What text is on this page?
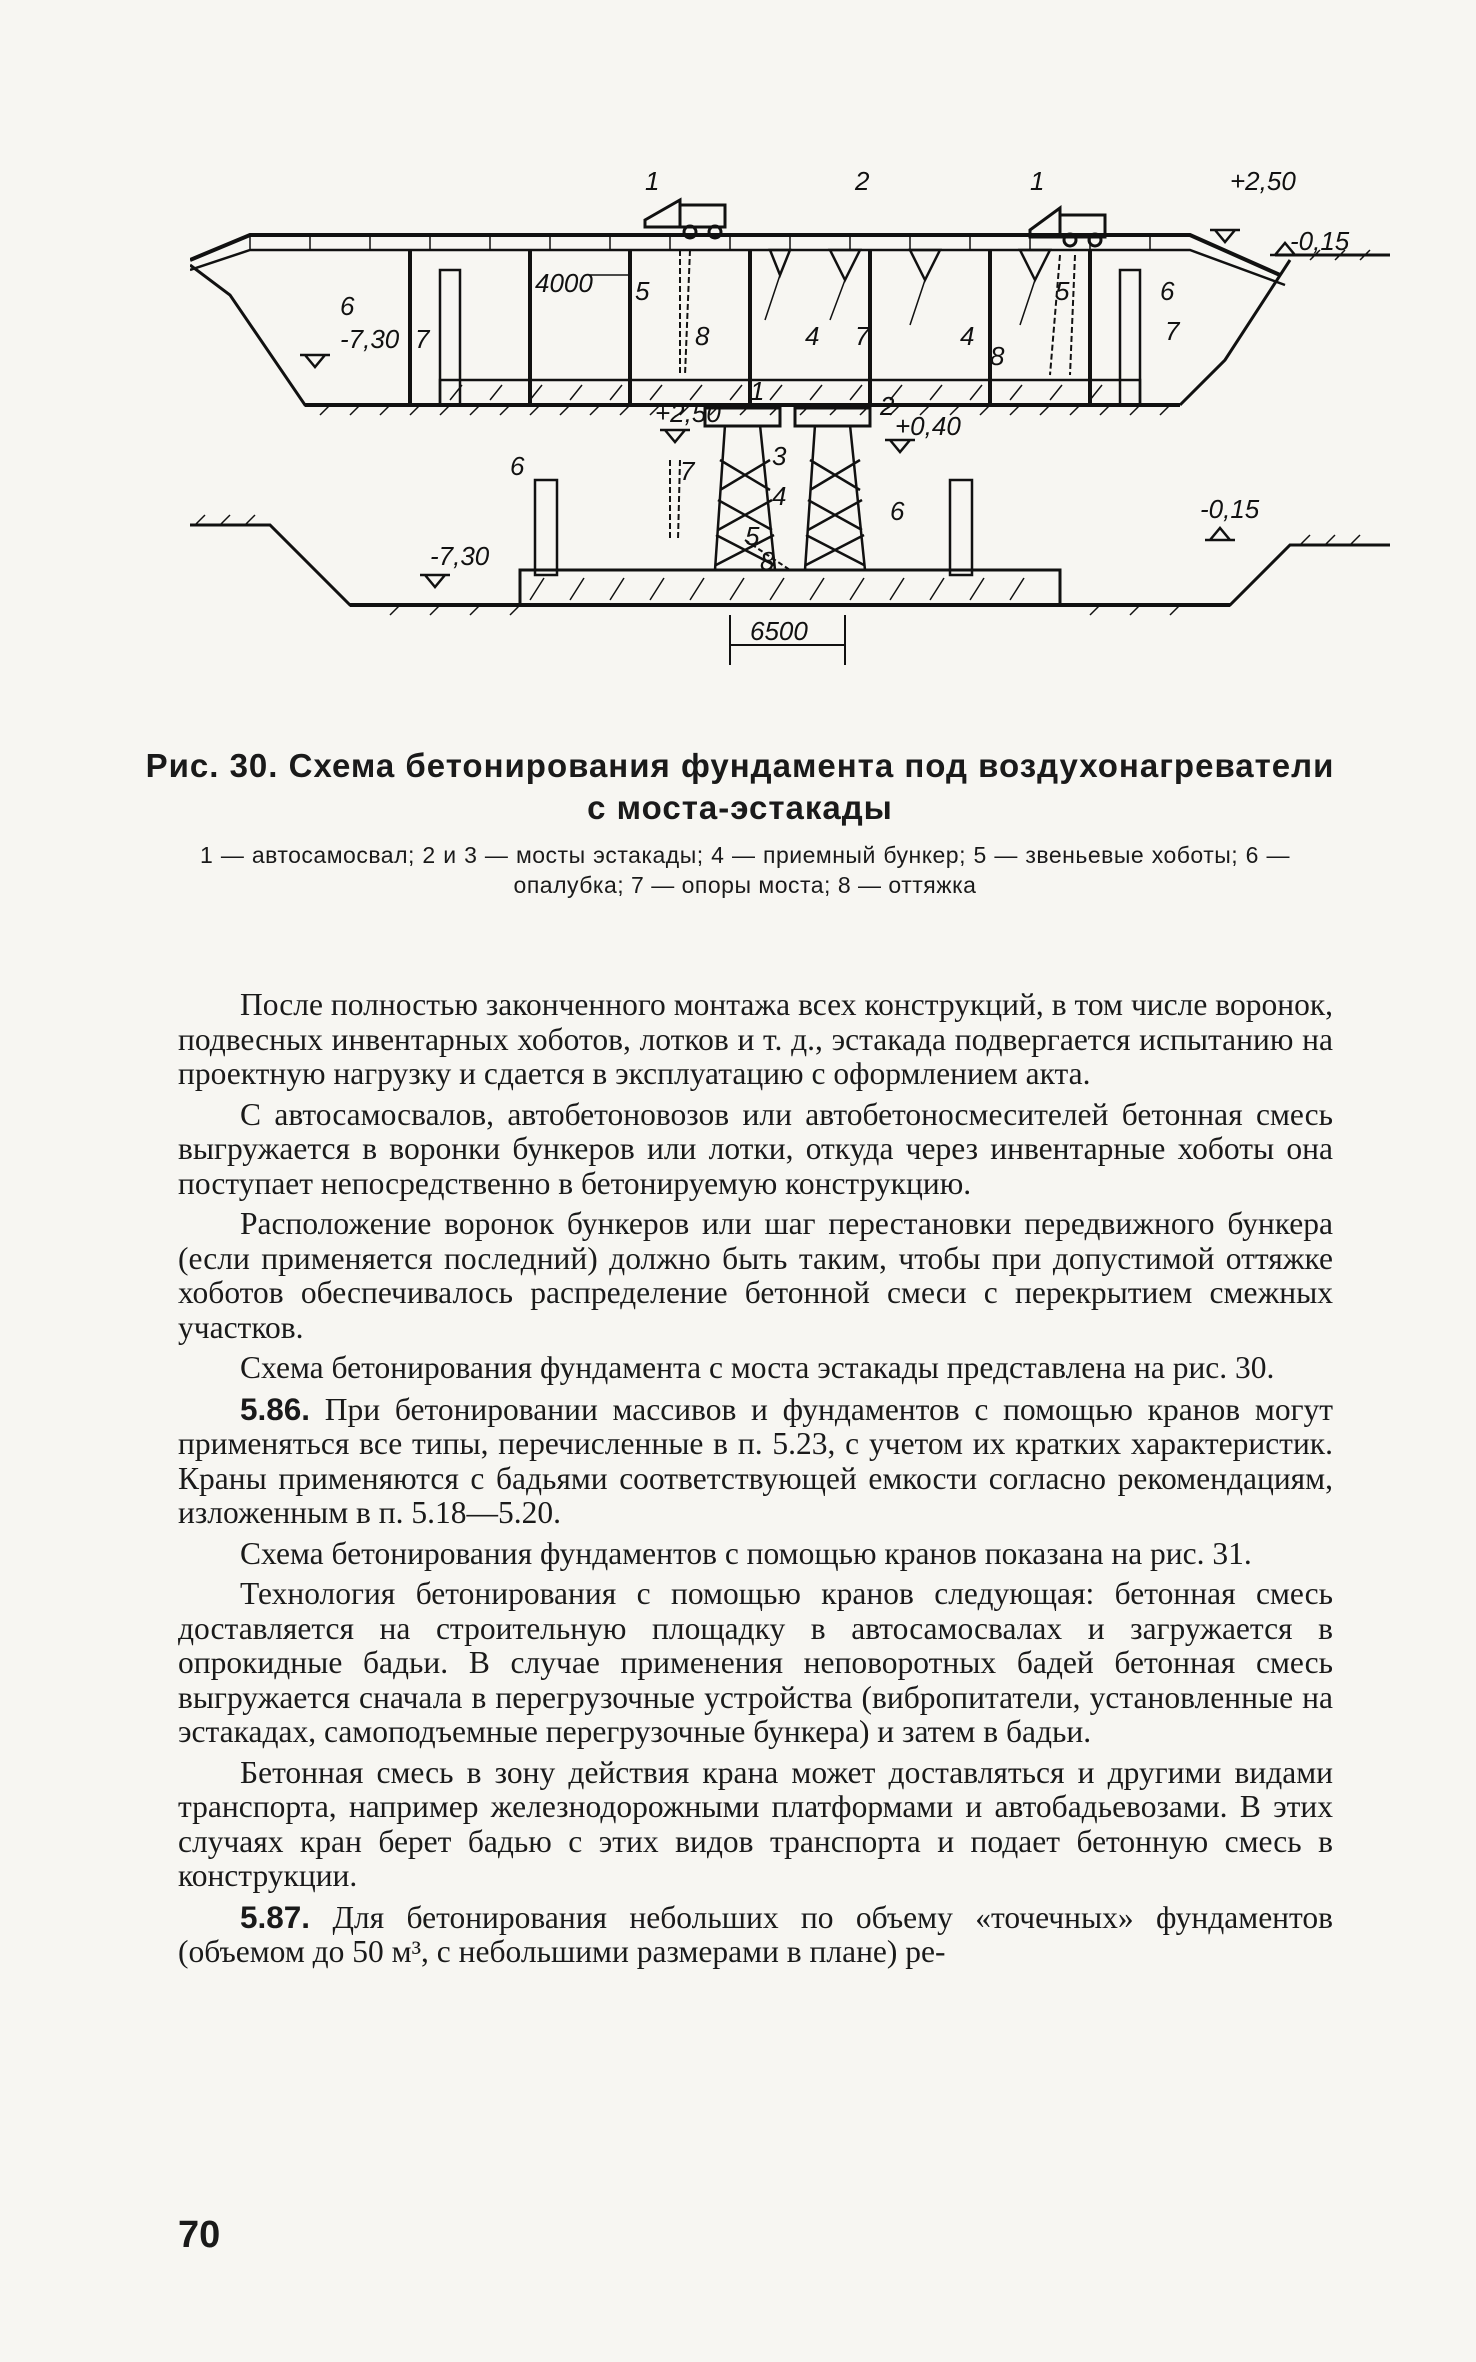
1	2	1	+2,50
-0,15
6
-7,30 7
4000 5
8	4 7	4
8
5	6
7
+2,50
1	2
+0,40
-0,15
6	7	3
4	6
5
8
-7,30
6500
Рис. 30. Схема бетонирования фундамента под воздухонагреватели
с моста-эстакады
1 — автосамосвал; 2 и 3 — мосты эстакады; 4 — приемный бункер; 5 — звеньевые хоботы; 6 — опалубка; 7 — опоры моста; 8 — оттяжка

После полностью законченного монтажа всех конструкций, в том числе воронок, подвесных инвентарных хоботов, лотков и т. д., эстакада подвергается испытанию на проектную нагрузку и сдается в эксплуатацию с оформлением акта.

С автосамосвалов, автобетоновозов или автобетоносмесителей бетонная смесь выгружается в воронки бункеров или лотки, откуда через инвентарные хоботы она поступает непосредственно в бетонируемую конструкцию.

Расположение воронок бункеров или шаг перестановки передвижного бункера (если применяется последний) должно быть таким, чтобы при допустимой оттяжке хоботов обеспечивалось распределение бетонной смеси с перекрытием смежных участков.

Схема бетонирования фундамента с моста эстакады представлена на рис. 30.

5.86. При бетонировании массивов и фундаментов с помощью кранов могут применяться все типы, перечисленные в п. 5.23, с учетом их кратких характеристик. Краны применяются с бадьями соответствующей емкости согласно рекомендациям, изложенным в п. 5.18—5.20.

Схема бетонирования фундаментов с помощью кранов показана на рис. 31.

Технология бетонирования с помощью кранов следующая: бетонная смесь доставляется на строительную площадку в автосамосвалах и загружается в опрокидные бадьи. В случае применения неповоротных бадей бетонная смесь выгружается сначала в перегрузочные устройства (вибропитатели, установленные на эстакадах, самоподъемные перегрузочные бункера) и затем в бадьи.

Бетонная смесь в зону действия крана может доставляться и другими видами транспорта, например железнодорожными платформами и автобадьевозами. В этих случаях кран берет бадью с этих видов транспорта и подает бетонную смесь в конструкции.

5.87. Для бетонирования небольших по объему «точечных» фундаментов (объемом до 50 м³, с небольшими размерами в плане) ре-

70
